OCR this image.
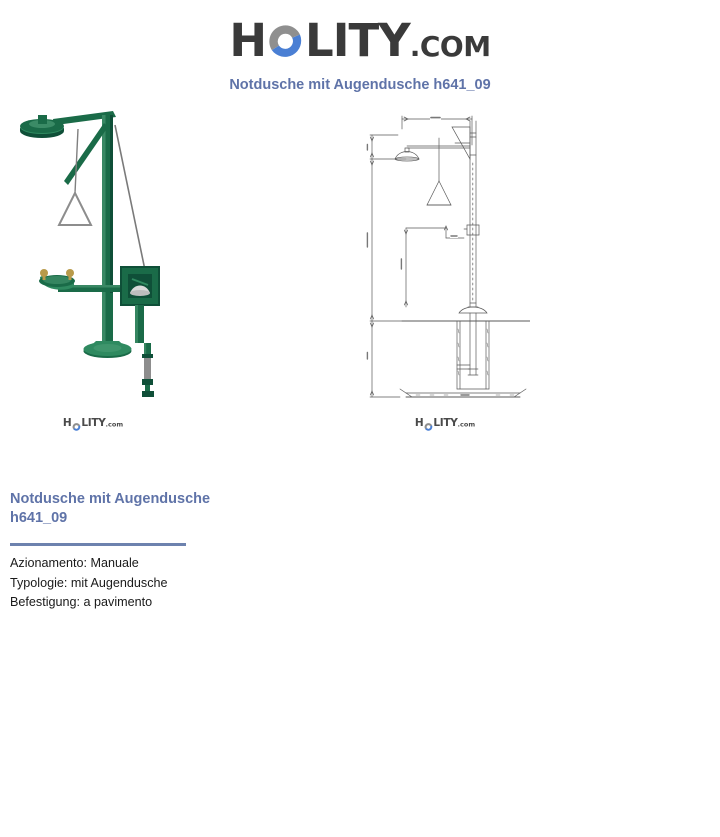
H LITY .COM
Notdusche mit Augendusche h641_09
H LITY .com	H LITY .com
Notdusche mit Augendusche
h641_09
Azionamento: Manuale
Typologie: mit Augendusche
Befestigung: a pavimento
